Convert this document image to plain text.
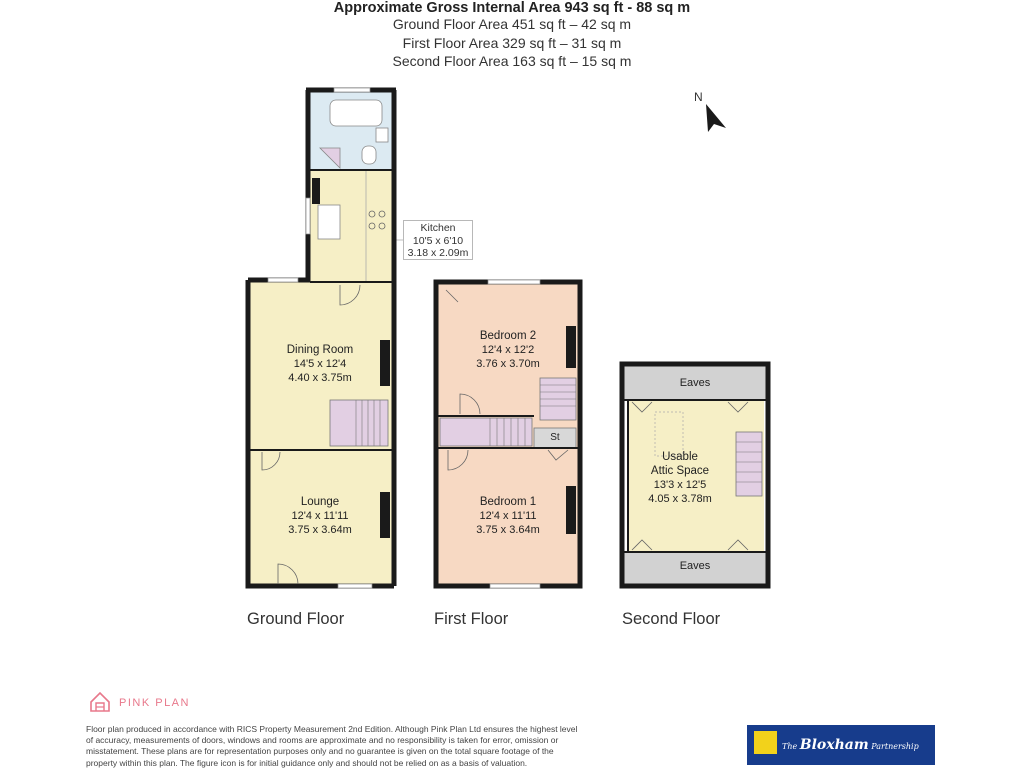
Approximate Gross Internal Area 943 sq ft - 88 sq m
Ground Floor Area 451 sq ft – 42 sq m
First Floor Area 329 sq ft – 31 sq m
Second Floor Area 163 sq ft – 15 sq m
N
Kitchen
10'5 x 6'10
3.18 x 2.09m
Dining Room
14'5 x 12'4
4.40 x 3.75m
Lounge
12'4 x 11'11
3.75 x 3.64m
Bedroom 2
12'4 x 12'2
3.76 x 3.70m
Bedroom 1
12'4 x 11'11
3.75 x 3.64m
St
Eaves
Eaves
Usable
Attic Space
13'3 x 12'5
4.05 x 3.78m
Ground Floor	First Floor	Second Floor
PINK PLAN
Floor plan produced in accordance with RICS Property Measurement 2nd Edition. Although Pink Plan Ltd ensures the highest level of accuracy, measurements of doors, windows and rooms are approximate and no responsibility is taken for error, omission or misstatement. These plans are for representation purposes only and no guarantee is given on the total square footage of the property within this plan. The figure icon is for initial guidance only and should not be relied on as a basis of valuation.
The Bloxham Partnership
